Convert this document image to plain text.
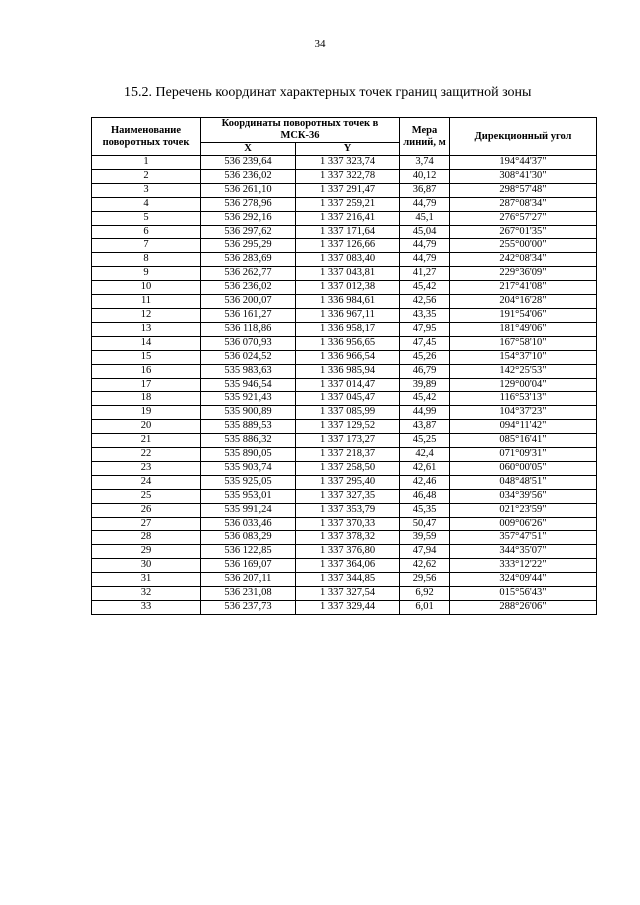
34
15.2. Перечень координат характерных точек границ защитной зоны
Наименование поворотных точек	Координаты поворотных точек в МСК-36		Мера линий, м	Дирекционный угол
	X	Y		
1	536 239,64	1 337 323,74	3,74	194°44'37"
2	536 236,02	1 337 322,78	40,12	308°41'30"
3	536 261,10	1 337 291,47	36,87	298°57'48"
4	536 278,96	1 337 259,21	44,79	287°08'34"
5	536 292,16	1 337 216,41	45,1	276°57'27"
6	536 297,62	1 337 171,64	45,04	267°01'35"
7	536 295,29	1 337 126,66	44,79	255°00'00"
8	536 283,69	1 337 083,40	44,79	242°08'34"
9	536 262,77	1 337 043,81	41,27	229°36'09"
10	536 236,02	1 337 012,38	45,42	217°41'08"
11	536 200,07	1 336 984,61	42,56	204°16'28"
12	536 161,27	1 336 967,11	43,35	191°54'06"
13	536 118,86	1 336 958,17	47,95	181°49'06"
14	536 070,93	1 336 956,65	47,45	167°58'10"
15	536 024,52	1 336 966,54	45,26	154°37'10"
16	535 983,63	1 336 985,94	46,79	142°25'53"
17	535 946,54	1 337 014,47	39,89	129°00'04"
18	535 921,43	1 337 045,47	45,42	116°53'13"
19	535 900,89	1 337 085,99	44,99	104°37'23"
20	535 889,53	1 337 129,52	43,87	094°11'42"
21	535 886,32	1 337 173,27	45,25	085°16'41"
22	535 890,05	1 337 218,37	42,4	071°09'31"
23	535 903,74	1 337 258,50	42,61	060°00'05"
24	535 925,05	1 337 295,40	42,46	048°48'51"
25	535 953,01	1 337 327,35	46,48	034°39'56"
26	535 991,24	1 337 353,79	45,35	021°23'59"
27	536 033,46	1 337 370,33	50,47	009°06'26"
28	536 083,29	1 337 378,32	39,59	357°47'51"
29	536 122,85	1 337 376,80	47,94	344°35'07"
30	536 169,07	1 337 364,06	42,62	333°12'22"
31	536 207,11	1 337 344,85	29,56	324°09'44"
32	536 231,08	1 337 327,54	6,92	015°56'43"
33	536 237,73	1 337 329,44	6,01	288°26'06"
